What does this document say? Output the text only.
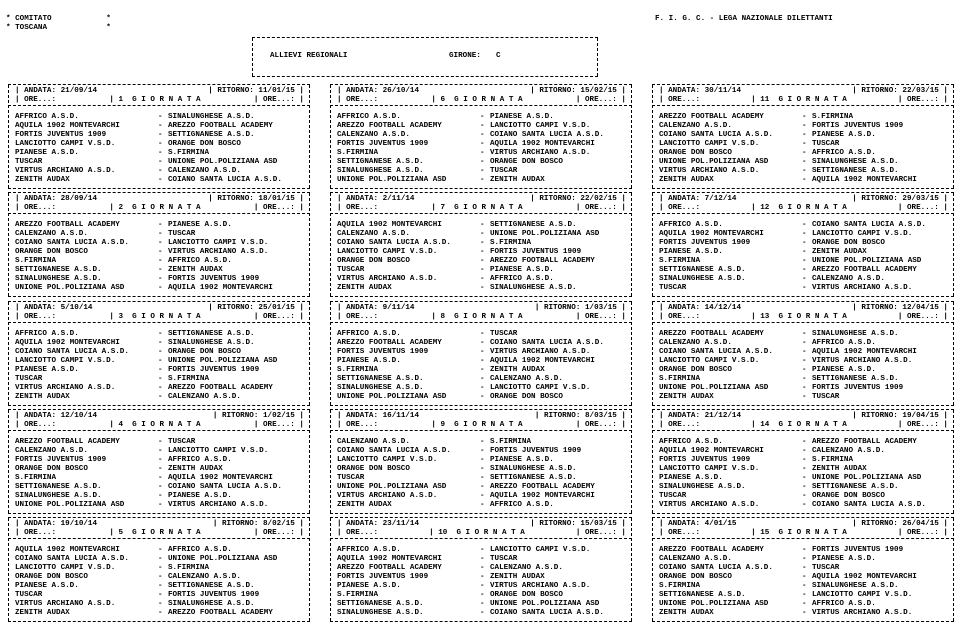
* COMITATO            *
* TOSCANA             *
F. I. G. C. - LEGA NAZIONALE DILETTANTI
ALLIEVI REGIONALI	GIRONE: C
| ANDATA: 21/09/14	| RITORNO: 11/01/15 |
| ORE...:	| 1 G I O R N A T A	| ORE...: |
AFFRICO A.S.D.	- SINALUNGHESE A.S.D.
AQUILA 1902 MONTEVARCHI	- AREZZO FOOTBALL ACADEMY
FORTIS JUVENTUS 1909	- SETTIGNANESE A.S.D.
LANCIOTTO CAMPI V.S.D.	- ORANGE DON BOSCO
PIANESE A.S.D.	- S.FIRMINA
TUSCAR	- UNIONE POL.POLIZIANA ASD
VIRTUS ARCHIANO A.S.D.	- CALENZANO A.S.D.
ZENITH AUDAX	- COIANO SANTA LUCIA A.S.D.
| ANDATA: 28/09/14	| RITORNO: 18/01/15 |
| ORE...:	| 2 G I O R N A T A	| ORE...: |
AREZZO FOOTBALL ACADEMY	- PIANESE A.S.D.
CALENZANO A.S.D.	- TUSCAR
COIANO SANTA LUCIA A.S.D.	- LANCIOTTO CAMPI V.S.D.
ORANGE DON BOSCO	- VIRTUS ARCHIANO A.S.D.
S.FIRMINA	- AFFRICO A.S.D.
SETTIGNANESE A.S.D.	- ZENITH AUDAX
SINALUNGHESE A.S.D.	- FORTIS JUVENTUS 1909
UNIONE POL.POLIZIANA ASD	- AQUILA 1902 MONTEVARCHI
| ANDATA: 5/10/14	| RITORNO: 25/01/15 |
| ORE...:	| 3 G I O R N A T A	| ORE...: |
AFFRICO A.S.D.	- SETTIGNANESE A.S.D.
AQUILA 1902 MONTEVARCHI	- SINALUNGHESE A.S.D.
COIANO SANTA LUCIA A.S.D.	- ORANGE DON BOSCO
LANCIOTTO CAMPI V.S.D.	- UNIONE POL.POLIZIANA ASD
PIANESE A.S.D.	- FORTIS JUVENTUS 1909
TUSCAR	- S.FIRMINA
VIRTUS ARCHIANO A.S.D.	- AREZZO FOOTBALL ACADEMY
ZENITH AUDAX	- CALENZANO A.S.D.
| ANDATA: 12/10/14	| RITORNO: 1/02/15 |
| ORE...:	| 4 G I O R N A T A	| ORE...: |
AREZZO FOOTBALL ACADEMY	- TUSCAR
CALENZANO A.S.D.	- LANCIOTTO CAMPI V.S.D.
FORTIS JUVENTUS 1909	- AFFRICO A.S.D.
ORANGE DON BOSCO	- ZENITH AUDAX
S.FIRMINA	- AQUILA 1902 MONTEVARCHI
SETTIGNANESE A.S.D.	- COIANO SANTA LUCIA A.S.D.
SINALUNGHESE A.S.D.	- PIANESE A.S.D.
UNIONE POL.POLIZIANA ASD	- VIRTUS ARCHIANO A.S.D.
| ANDATA: 19/10/14	| RITORNO: 8/02/15 |
| ORE...:	| 5 G I O R N A T A	| ORE...: |
AQUILA 1902 MONTEVARCHI	- AFFRICO A.S.D.
COIANO SANTA LUCIA A.S.D.	- UNIONE POL.POLIZIANA ASD
LANCIOTTO CAMPI V.S.D.	- S.FIRMINA
ORANGE DON BOSCO	- CALENZANO A.S.D.
PIANESE A.S.D.	- SETTIGNANESE A.S.D.
TUSCAR	- FORTIS JUVENTUS 1909
VIRTUS ARCHIANO A.S.D.	- SINALUNGHESE A.S.D.
ZENITH AUDAX	- AREZZO FOOTBALL ACADEMY
| ANDATA: 26/10/14	| RITORNO: 15/02/15 |
| ORE...:	| 6 G I O R N A T A	| ORE...: |
AFFRICO A.S.D.	- PIANESE A.S.D.
AREZZO FOOTBALL ACADEMY	- LANCIOTTO CAMPI V.S.D.
CALENZANO A.S.D.	- COIANO SANTA LUCIA A.S.D.
FORTIS JUVENTUS 1909	- AQUILA 1902 MONTEVARCHI
S.FIRMINA	- VIRTUS ARCHIANO A.S.D.
SETTIGNANESE A.S.D.	- ORANGE DON BOSCO
SINALUNGHESE A.S.D.	- TUSCAR
UNIONE POL.POLIZIANA ASD	- ZENITH AUDAX
| ANDATA: 2/11/14	| RITORNO: 22/02/15 |
| ORE...:	| 7 G I O R N A T A	| ORE...: |
AQUILA 1902 MONTEVARCHI	- SETTIGNANESE A.S.D.
CALENZANO A.S.D.	- UNIONE POL.POLIZIANA ASD
COIANO SANTA LUCIA A.S.D.	- S.FIRMINA
LANCIOTTO CAMPI V.S.D.	- FORTIS JUVENTUS 1909
ORANGE DON BOSCO	- AREZZO FOOTBALL ACADEMY
TUSCAR	- PIANESE A.S.D.
VIRTUS ARCHIANO A.S.D.	- AFFRICO A.S.D.
ZENITH AUDAX	- SINALUNGHESE A.S.D.
| ANDATA: 9/11/14	| RITORNO: 1/03/15 |
| ORE...:	| 8 G I O R N A T A	| ORE...: |
AFFRICO A.S.D.	- TUSCAR
AREZZO FOOTBALL ACADEMY	- COIANO SANTA LUCIA A.S.D.
FORTIS JUVENTUS 1909	- VIRTUS ARCHIANO A.S.D.
PIANESE A.S.D.	- AQUILA 1902 MONTEVARCHI
S.FIRMINA	- ZENITH AUDAX
SETTIGNANESE A.S.D.	- CALENZANO A.S.D.
SINALUNGHESE A.S.D.	- LANCIOTTO CAMPI V.S.D.
UNIONE POL.POLIZIANA ASD	- ORANGE DON BOSCO
| ANDATA: 16/11/14	| RITORNO: 8/03/15 |
| ORE...:	| 9 G I O R N A T A	| ORE...: |
CALENZANO A.S.D.	- S.FIRMINA
COIANO SANTA LUCIA A.S.D.	- FORTIS JUVENTUS 1909
LANCIOTTO CAMPI V.S.D.	- PIANESE A.S.D.
ORANGE DON BOSCO	- SINALUNGHESE A.S.D.
TUSCAR	- SETTIGNANESE A.S.D.
UNIONE POL.POLIZIANA ASD	- AREZZO FOOTBALL ACADEMY
VIRTUS ARCHIANO A.S.D.	- AQUILA 1902 MONTEVARCHI
ZENITH AUDAX	- AFFRICO A.S.D.
| ANDATA: 23/11/14	| RITORNO: 15/03/15 |
| ORE...:	| 10 G I O R N A T A	| ORE...: |
AFFRICO A.S.D.	- LANCIOTTO CAMPI V.S.D.
AQUILA 1902 MONTEVARCHI	- TUSCAR
AREZZO FOOTBALL ACADEMY	- CALENZANO A.S.D.
FORTIS JUVENTUS 1909	- ZENITH AUDAX
PIANESE A.S.D.	- VIRTUS ARCHIANO A.S.D.
S.FIRMINA	- ORANGE DON BOSCO
SETTIGNANESE A.S.D.	- UNIONE POL.POLIZIANA ASD
SINALUNGHESE A.S.D.	- COIANO SANTA LUCIA A.S.D.
| ANDATA: 30/11/14	| RITORNO: 22/03/15 |
| ORE...:	| 11 G I O R N A T A	| ORE...: |
AREZZO FOOTBALL ACADEMY	- S.FIRMINA
CALENZANO A.S.D.	- FORTIS JUVENTUS 1909
COIANO SANTA LUCIA A.S.D.	- PIANESE A.S.D.
LANCIOTTO CAMPI V.S.D.	- TUSCAR
ORANGE DON BOSCO	- AFFRICO A.S.D.
UNIONE POL.POLIZIANA ASD	- SINALUNGHESE A.S.D.
VIRTUS ARCHIANO A.S.D.	- SETTIGNANESE A.S.D.
ZENITH AUDAX	- AQUILA 1902 MONTEVARCHI
| ANDATA: 7/12/14	| RITORNO: 29/03/15 |
| ORE...:	| 12 G I O R N A T A	| ORE...: |
AFFRICO A.S.D.	- COIANO SANTA LUCIA A.S.D.
AQUILA 1902 MONTEVARCHI	- LANCIOTTO CAMPI V.S.D.
FORTIS JUVENTUS 1909	- ORANGE DON BOSCO
PIANESE A.S.D.	- ZENITH AUDAX
S.FIRMINA	- UNIONE POL.POLIZIANA ASD
SETTIGNANESE A.S.D.	- AREZZO FOOTBALL ACADEMY
SINALUNGHESE A.S.D.	- CALENZANO A.S.D.
TUSCAR	- VIRTUS ARCHIANO A.S.D.
| ANDATA: 14/12/14	| RITORNO: 12/04/15 |
| ORE...:	| 13 G I O R N A T A	| ORE...: |
AREZZO FOOTBALL ACADEMY	- SINALUNGHESE A.S.D.
CALENZANO A.S.D.	- AFFRICO A.S.D.
COIANO SANTA LUCIA A.S.D.	- AQUILA 1902 MONTEVARCHI
LANCIOTTO CAMPI V.S.D.	- VIRTUS ARCHIANO A.S.D.
ORANGE DON BOSCO	- PIANESE A.S.D.
S.FIRMINA	- SETTIGNANESE A.S.D.
UNIONE POL.POLIZIANA ASD	- FORTIS JUVENTUS 1909
ZENITH AUDAX	- TUSCAR
| ANDATA: 21/12/14	| RITORNO: 19/04/15 |
| ORE...:	| 14 G I O R N A T A	| ORE...: |
AFFRICO A.S.D.	- AREZZO FOOTBALL ACADEMY
AQUILA 1902 MONTEVARCHI	- CALENZANO A.S.D.
FORTIS JUVENTUS 1909	- S.FIRMINA
LANCIOTTO CAMPI V.S.D.	- ZENITH AUDAX
PIANESE A.S.D.	- UNIONE POL.POLIZIANA ASD
SINALUNGHESE A.S.D.	- SETTIGNANESE A.S.D.
TUSCAR	- ORANGE DON BOSCO
VIRTUS ARCHIANO A.S.D.	- COIANO SANTA LUCIA A.S.D.
| ANDATA: 4/01/15	| RITORNO: 26/04/15 |
| ORE...:	| 15 G I O R N A T A	| ORE...: |
AREZZO FOOTBALL ACADEMY	- FORTIS JUVENTUS 1909
CALENZANO A.S.D.	- PIANESE A.S.D.
COIANO SANTA LUCIA A.S.D.	- TUSCAR
ORANGE DON BOSCO	- AQUILA 1902 MONTEVARCHI
S.FIRMINA	- SINALUNGHESE A.S.D.
SETTIGNANESE A.S.D.	- LANCIOTTO CAMPI V.S.D.
UNIONE POL.POLIZIANA ASD	- AFFRICO A.S.D.
ZENITH AUDAX	- VIRTUS ARCHIANO A.S.D.
